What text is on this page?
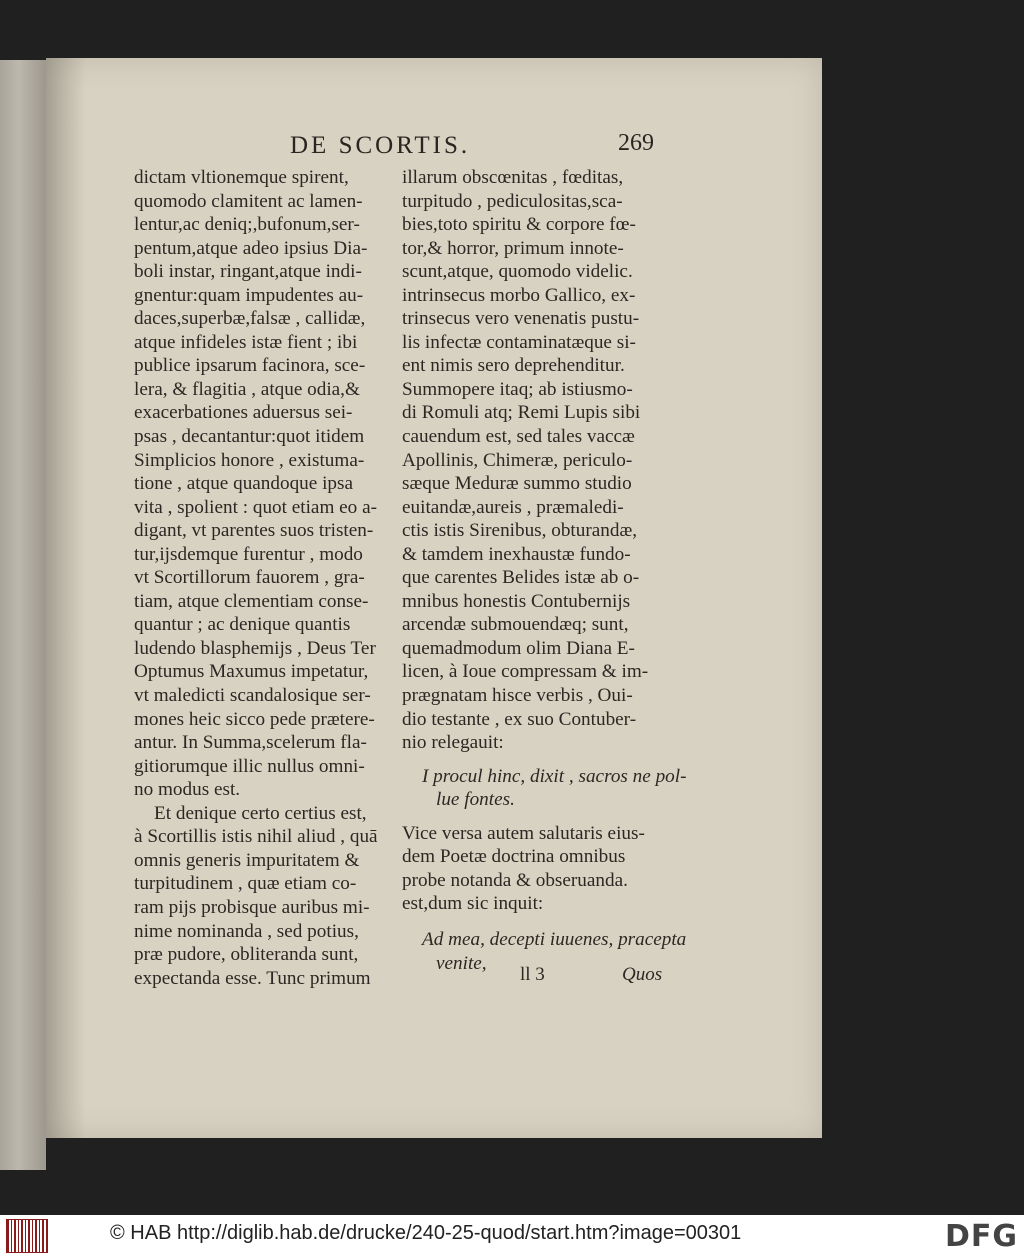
DE SCORTIS.	269
dictam vltionemque spirent,
quomodo clamitent ac lamen-
lentur,ac deniq;,bufonum,ser-
pentum,atque adeo ipsius Dia-
boli instar, ringant,atque indi-
gnentur:quam impudentes au-
daces,superbæ,falsæ , callidæ,
atque infideles istæ fient ; ibi
publice ipsarum facinora, sce-
lera, & flagitia , atque odia,&
exacerbationes aduersus sei-
psas , decantantur:quot itidem
Simplicios honore , existuma-
tione , atque quandoque ipsa
vita , spolient : quot etiam eo a-
digant, vt parentes suos tristen-
tur,ijsdemque furentur , modo
vt Scortillorum fauorem , gra-
tiam, atque clementiam conse-
quantur ; ac denique quantis
ludendo blasphemijs , Deus Ter
Optumus Maxumus impetatur,
vt maledicti scandalosique ser-
mones heic sicco pede prætere-
antur. In Summa,scelerum fla-
gitiorumque illic nullus omni-
no modus est.
Et denique certo certius est,
à Scortillis istis nihil aliud , quā
omnis generis impuritatem &
turpitudinem , quæ etiam co-
ram pijs probisque auribus mi-
nime nominanda , sed potius,
præ pudore, obliteranda sunt,
expectanda esse. Tunc primum
illarum obscœnitas , fœditas,
turpitudo , pediculositas,sca-
bies,toto spiritu & corpore fœ-
tor,& horror, primum innote-
scunt,atque, quomodo videlic.
intrinsecus morbo Gallico, ex-
trinsecus vero venenatis pustu-
lis infectæ contaminatæque si-
ent nimis sero deprehenditur.
Summopere itaq; ab istiusmo-
di Romuli atq; Remi Lupis sibi
cauendum est, sed tales vaccæ
Apollinis, Chimeræ, periculo-
sæque Meduræ summo studio
euitandæ,aureis , præmaledi-
ctis istis Sirenibus, obturandæ,
& tamdem inexhaustæ fundo-
que carentes Belides istæ ab o-
mnibus honestis Contubernijs
arcendæ submouendæq; sunt,
quemadmodum olim Diana E-
licen, à Ioue compressam & im-
prægnatam hisce verbis , Oui-
dio testante , ex suo Contuber-
nio relegauit:
I procul hinc, dixit , sacros ne pol-
lue fontes.
Vice versa autem salutaris eius-
dem Poetæ doctrina omnibus
probe notanda & obseruanda.
est,dum sic inquit:
Ad mea, decepti iuuenes, pracepta
venite,
ll 3	Quos
© HAB http://diglib.hab.de/drucke/240-25-quod/start.htm?image=00301	DFG
